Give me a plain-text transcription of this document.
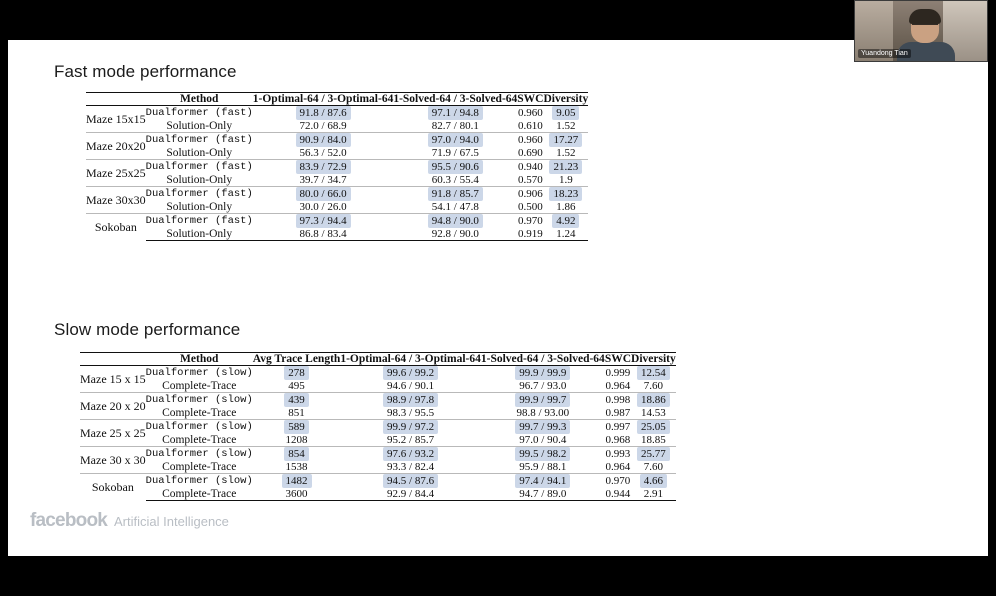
Fast mode performance
	Method	1-Optimal-64 / 3-Optimal-64	1-Solved-64 / 3-Solved-64	SWC	Diversity
Maze 15x15	Dualformer (fast)	91.8 / 87.6	97.1 / 94.8	0.960	9.05
	Solution-Only	72.0 / 68.9	82.7 / 80.1	0.610	1.52
Maze 20x20	Dualformer (fast)	90.9 / 84.0	97.0 / 94.0	0.960	17.27
	Solution-Only	56.3 / 52.0	71.9 / 67.5	0.690	1.52
Maze 25x25	Dualformer (fast)	83.9 / 72.9	95.5 / 90.6	0.940	21.23
	Solution-Only	39.7 / 34.7	60.3 / 55.4	0.570	1.9
Maze 30x30	Dualformer (fast)	80.0 / 66.0	91.8 / 85.7	0.906	18.23
	Solution-Only	30.0 / 26.0	54.1 / 47.8	0.500	1.86
Sokoban	Dualformer (fast)	97.3 / 94.4	94.8 / 90.0	0.970	4.92
	Solution-Only	86.8 / 83.4	92.8 / 90.0	0.919	1.24
Slow mode performance
	Method	Avg Trace Length	1-Optimal-64 / 3-Optimal-64	1-Solved-64 / 3-Solved-64	SWC	Diversity
Maze 15 x 15	Dualformer (slow)	278	99.6 / 99.2	99.9 / 99.9	0.999	12.54
	Complete-Trace	495	94.6 / 90.1	96.7 / 93.0	0.964	7.60
Maze 20 x 20	Dualformer (slow)	439	98.9 / 97.8	99.9 / 99.7	0.998	18.86
	Complete-Trace	851	98.3 / 95.5	98.8 / 93.00	0.987	14.53
Maze 25 x 25	Dualformer (slow)	589	99.9 / 97.2	99.7 / 99.3	0.997	25.05
	Complete-Trace	1208	95.2 / 85.7	97.0 / 90.4	0.968	18.85
Maze 30 x 30	Dualformer (slow)	854	97.6 / 93.2	99.5 / 98.2	0.993	25.77
	Complete-Trace	1538	93.3 / 82.4	95.9 / 88.1	0.964	7.60
Sokoban	Dualformer (slow)	1482	94.5 / 87.6	97.4 / 94.1	0.970	4.66
	Complete-Trace	3600	92.9 / 84.4	94.7 / 89.0	0.944	2.91
facebook Artificial Intelligence
Yuandong Tian
